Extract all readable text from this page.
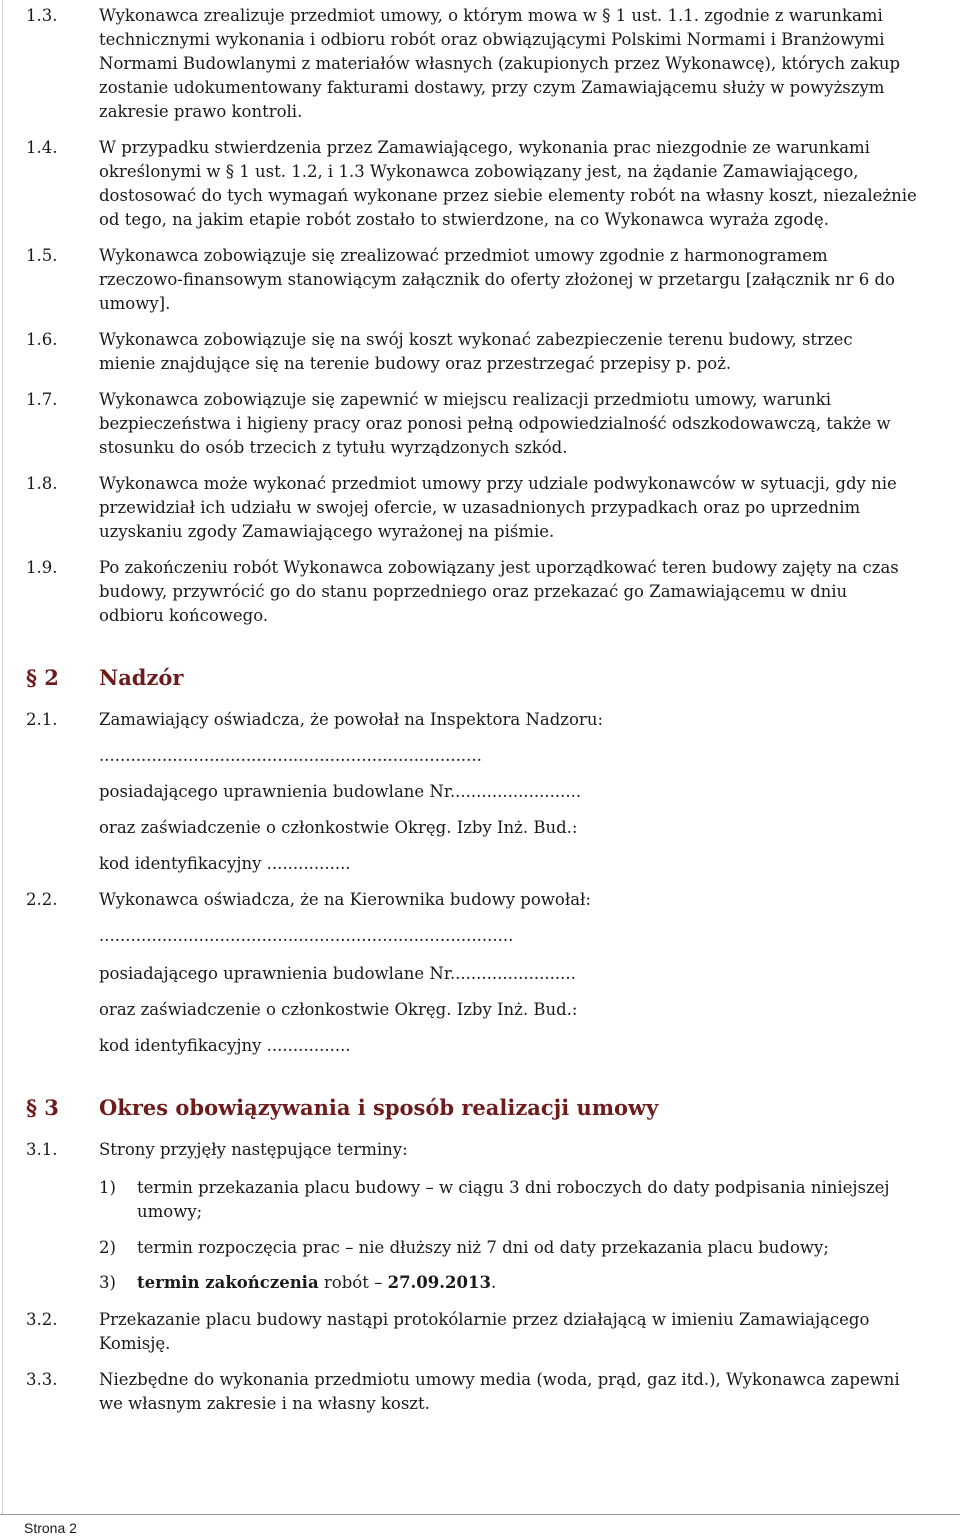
1.3.	Wykonawca zrealizuje przedmiot umowy, o którym mowa w § 1 ust. 1.1. zgodnie z warunkami
technicznymi wykonania i odbioru robót oraz obwiązującymi Polskimi Normami i Branżowymi
Normami Budowlanymi z materiałów własnych (zakupionych przez Wykonawcę), których zakup
zostanie udokumentowany fakturami dostawy, przy czym Zamawiającemu służy w powyższym
zakresie prawo kontroli.
1.4.	W przypadku stwierdzenia przez Zamawiającego, wykonania prac niezgodnie ze warunkami
określonymi w § 1 ust. 1.2, i 1.3 Wykonawca zobowiązany jest, na żądanie Zamawiającego,
dostosować do tych wymagań wykonane przez siebie elementy robót na własny koszt, niezależnie
od tego, na jakim etapie robót zostało to stwierdzone, na co Wykonawca wyraża zgodę.
1.5.	Wykonawca zobowiązuje się zrealizować przedmiot umowy zgodnie z harmonogramem
rzeczowo-finansowym stanowiącym załącznik do oferty złożonej w przetargu [załącznik nr 6 do
umowy].
1.6.	Wykonawca zobowiązuje się na swój koszt wykonać zabezpieczenie terenu budowy, strzec
mienie znajdujące się na terenie budowy oraz przestrzegać przepisy p. poż.
1.7.	Wykonawca zobowiązuje się zapewnić w miejscu realizacji przedmiotu umowy, warunki
bezpieczeństwa i higieny pracy oraz ponosi pełną odpowiedzialność odszkodowawczą, także w
stosunku do osób trzecich z tytułu wyrządzonych szkód.
1.8.	Wykonawca może wykonać przedmiot umowy przy udziale podwykonawców w sytuacji, gdy nie
przewidział ich udziału w swojej ofercie, w uzasadnionych przypadkach oraz po uprzednim
uzyskaniu zgody Zamawiającego wyrażonej na piśmie.
1.9.	Po zakończeniu robót Wykonawca zobowiązany jest uporządkować teren budowy zajęty na czas
budowy, przywrócić go do stanu poprzedniego oraz przekazać go Zamawiającemu w dniu
odbioru końcowego.
§ 2 Nadzór
2.1.	Zamawiający oświadcza, że powołał na Inspektora Nadzoru:
.........................................................................
posiadającego uprawnienia budowlane Nr.........................
oraz zaświadczenie o członkostwie Okręg. Izby Inż. Bud.:
kod identyfikacyjny ................
2.2.	Wykonawca oświadcza, że na Kierownika budowy powołał:
...............................................................................
posiadającego uprawnienia budowlane Nr........................
oraz zaświadczenie o członkostwie Okręg. Izby Inż. Bud.:
kod identyfikacyjny ................
§ 3 Okres obowiązywania i sposób realizacji umowy
3.1.	Strony przyjęły następujące terminy:
1) termin przekazania placu budowy – w ciągu 3 dni roboczych do daty podpisania niniejszej
umowy;
2) termin rozpoczęcia prac – nie dłuższy niż 7 dni od daty przekazania placu budowy;
3) termin zakończenia robót – 27.09.2013.
3.2.	Przekazanie placu budowy nastąpi protokólarnie przez działającą w imieniu Zamawiającego
Komisję.
3.3.	Niezbędne do wykonania przedmiotu umowy media (woda, prąd, gaz itd.), Wykonawca zapewni
we własnym zakresie i na własny koszt.
Strona 2
